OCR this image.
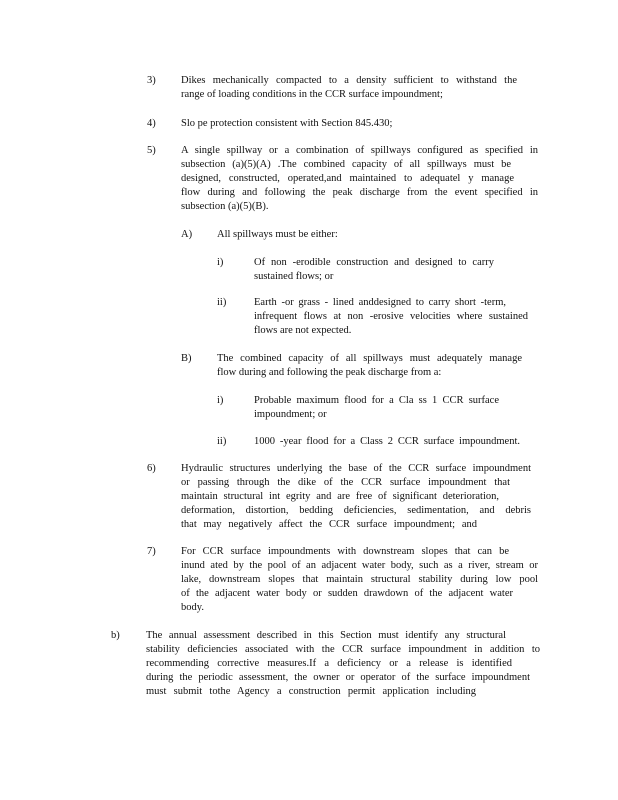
3) Dikes mechanically compacted to a density sufficient to withstand the
range of loading conditions in the CCR surface impoundment;
4) Slo pe protection consistent with Section 845.430;
5) A single spillway or a combination of spillways configured as specified in
subsection (a)(5)(A) .The combined capacity of all spillways must be
designed, constructed, operated,and maintained to adequatel y manage
flow during and following the peak discharge from the event specified in
subsection (a)(5)(B).
A) All spillways must be either:
i)	Of non -erodible construction and designed to carry
sustained flows; or
ii)	Earth -or grass - lined anddesigned to carry short -term,
infrequent flows at non -erosive velocities where sustained
flows are not expected.
B) The combined capacity of all spillways must adequately manage
flow during and following the peak discharge from a:
i)	Probable maximum flood for a Cla ss 1 CCR surface
impoundment; or
ii)	1000 -year flood for a Class 2 CCR surface impoundment.
6) Hydraulic structures underlying the base of the CCR surface impoundment
or passing through the dike of the CCR surface impoundment that
maintain structural int egrity and are free of significant deterioration,
deformation, distortion, bedding deficiencies, sedimentation, and debris
that may negatively affect the CCR surface impoundment; and
7) For CCR surface impoundments with downstream slopes that can be
inund ated by the pool of an adjacent water body, such as a river, stream or
lake, downstream slopes that maintain structural stability during low pool
of the adjacent water body or sudden drawdown of the adjacent water
body.
b)	The annual assessment described in this Section must identify any structural
stability deficiencies associated with the CCR surface impoundment in addition to
recommending corrective measures.If a deficiency or a release is identified
during the periodic assessment, the owner or operator of the surface impoundment
must submit tothe Agency a construction permit application including
